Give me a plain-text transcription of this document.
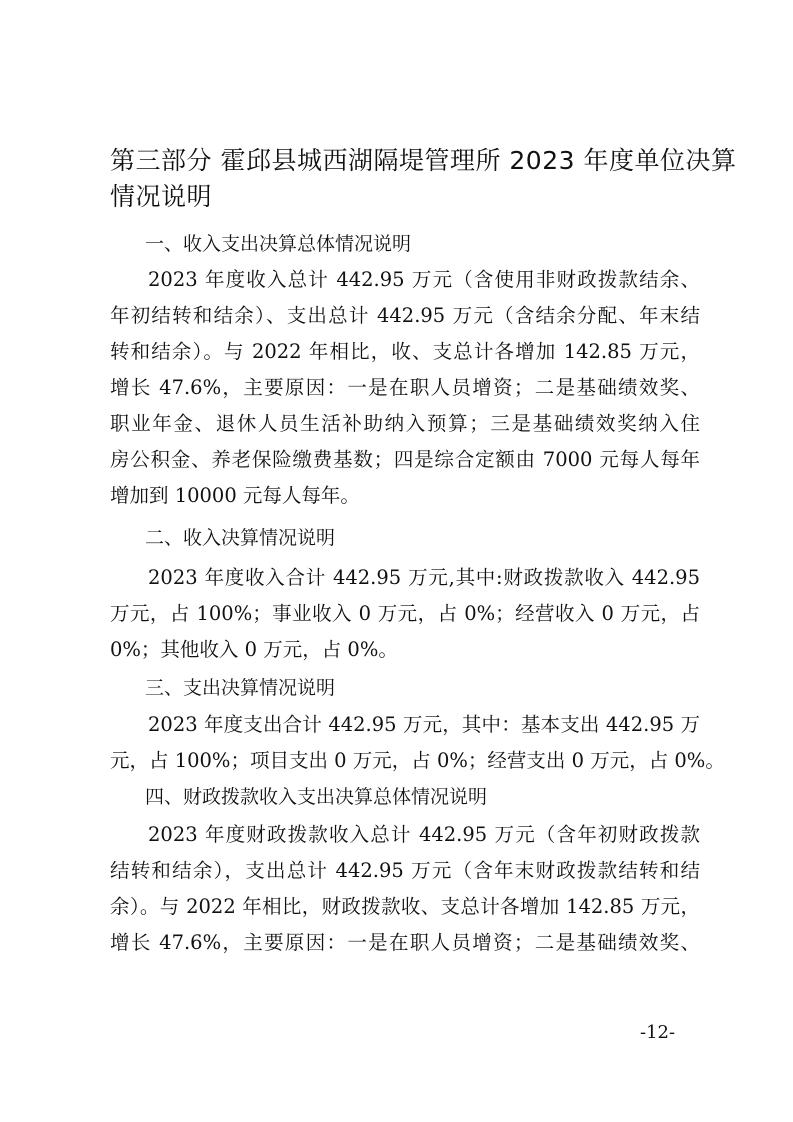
第三部分 霍邱县城西湖隔堤管理所 2023 年度单位决算
情况说明
一、收入支出决算总体情况说明
2023 年度收入总计 442.95 万元（含使用非财政拨款结余、
年初结转和结余）、支出总计 442.95 万元（含结余分配、年末结
转和结余）。与 2022 年相比，收、支总计各增加 142.85 万元，
增长 47.6%，主要原因：一是在职人员增资；二是基础绩效奖、
职业年金、退休人员生活补助纳入预算；三是基础绩效奖纳入住
房公积金、养老保险缴费基数；四是综合定额由 7000 元每人每年
增加到 10000 元每人每年。
二、收入决算情况说明
2023 年度收入合计 442.95 万元,其中:财政拨款收入 442.95
万元，占 100%；事业收入 0 万元，占 0%；经营收入 0 万元，占
0%；其他收入 0 万元，占 0%。
三、支出决算情况说明
2023 年度支出合计 442.95 万元，其中：基本支出 442.95 万
元，占 100%；项目支出 0 万元，占 0%；经营支出 0 万元，占 0%。
四、财政拨款收入支出决算总体情况说明
2023 年度财政拨款收入总计 442.95 万元（含年初财政拨款
结转和结余），支出总计 442.95 万元（含年末财政拨款结转和结
余）。与 2022 年相比，财政拨款收、支总计各增加 142.85 万元，
增长 47.6%，主要原因：一是在职人员增资；二是基础绩效奖、
-12-
